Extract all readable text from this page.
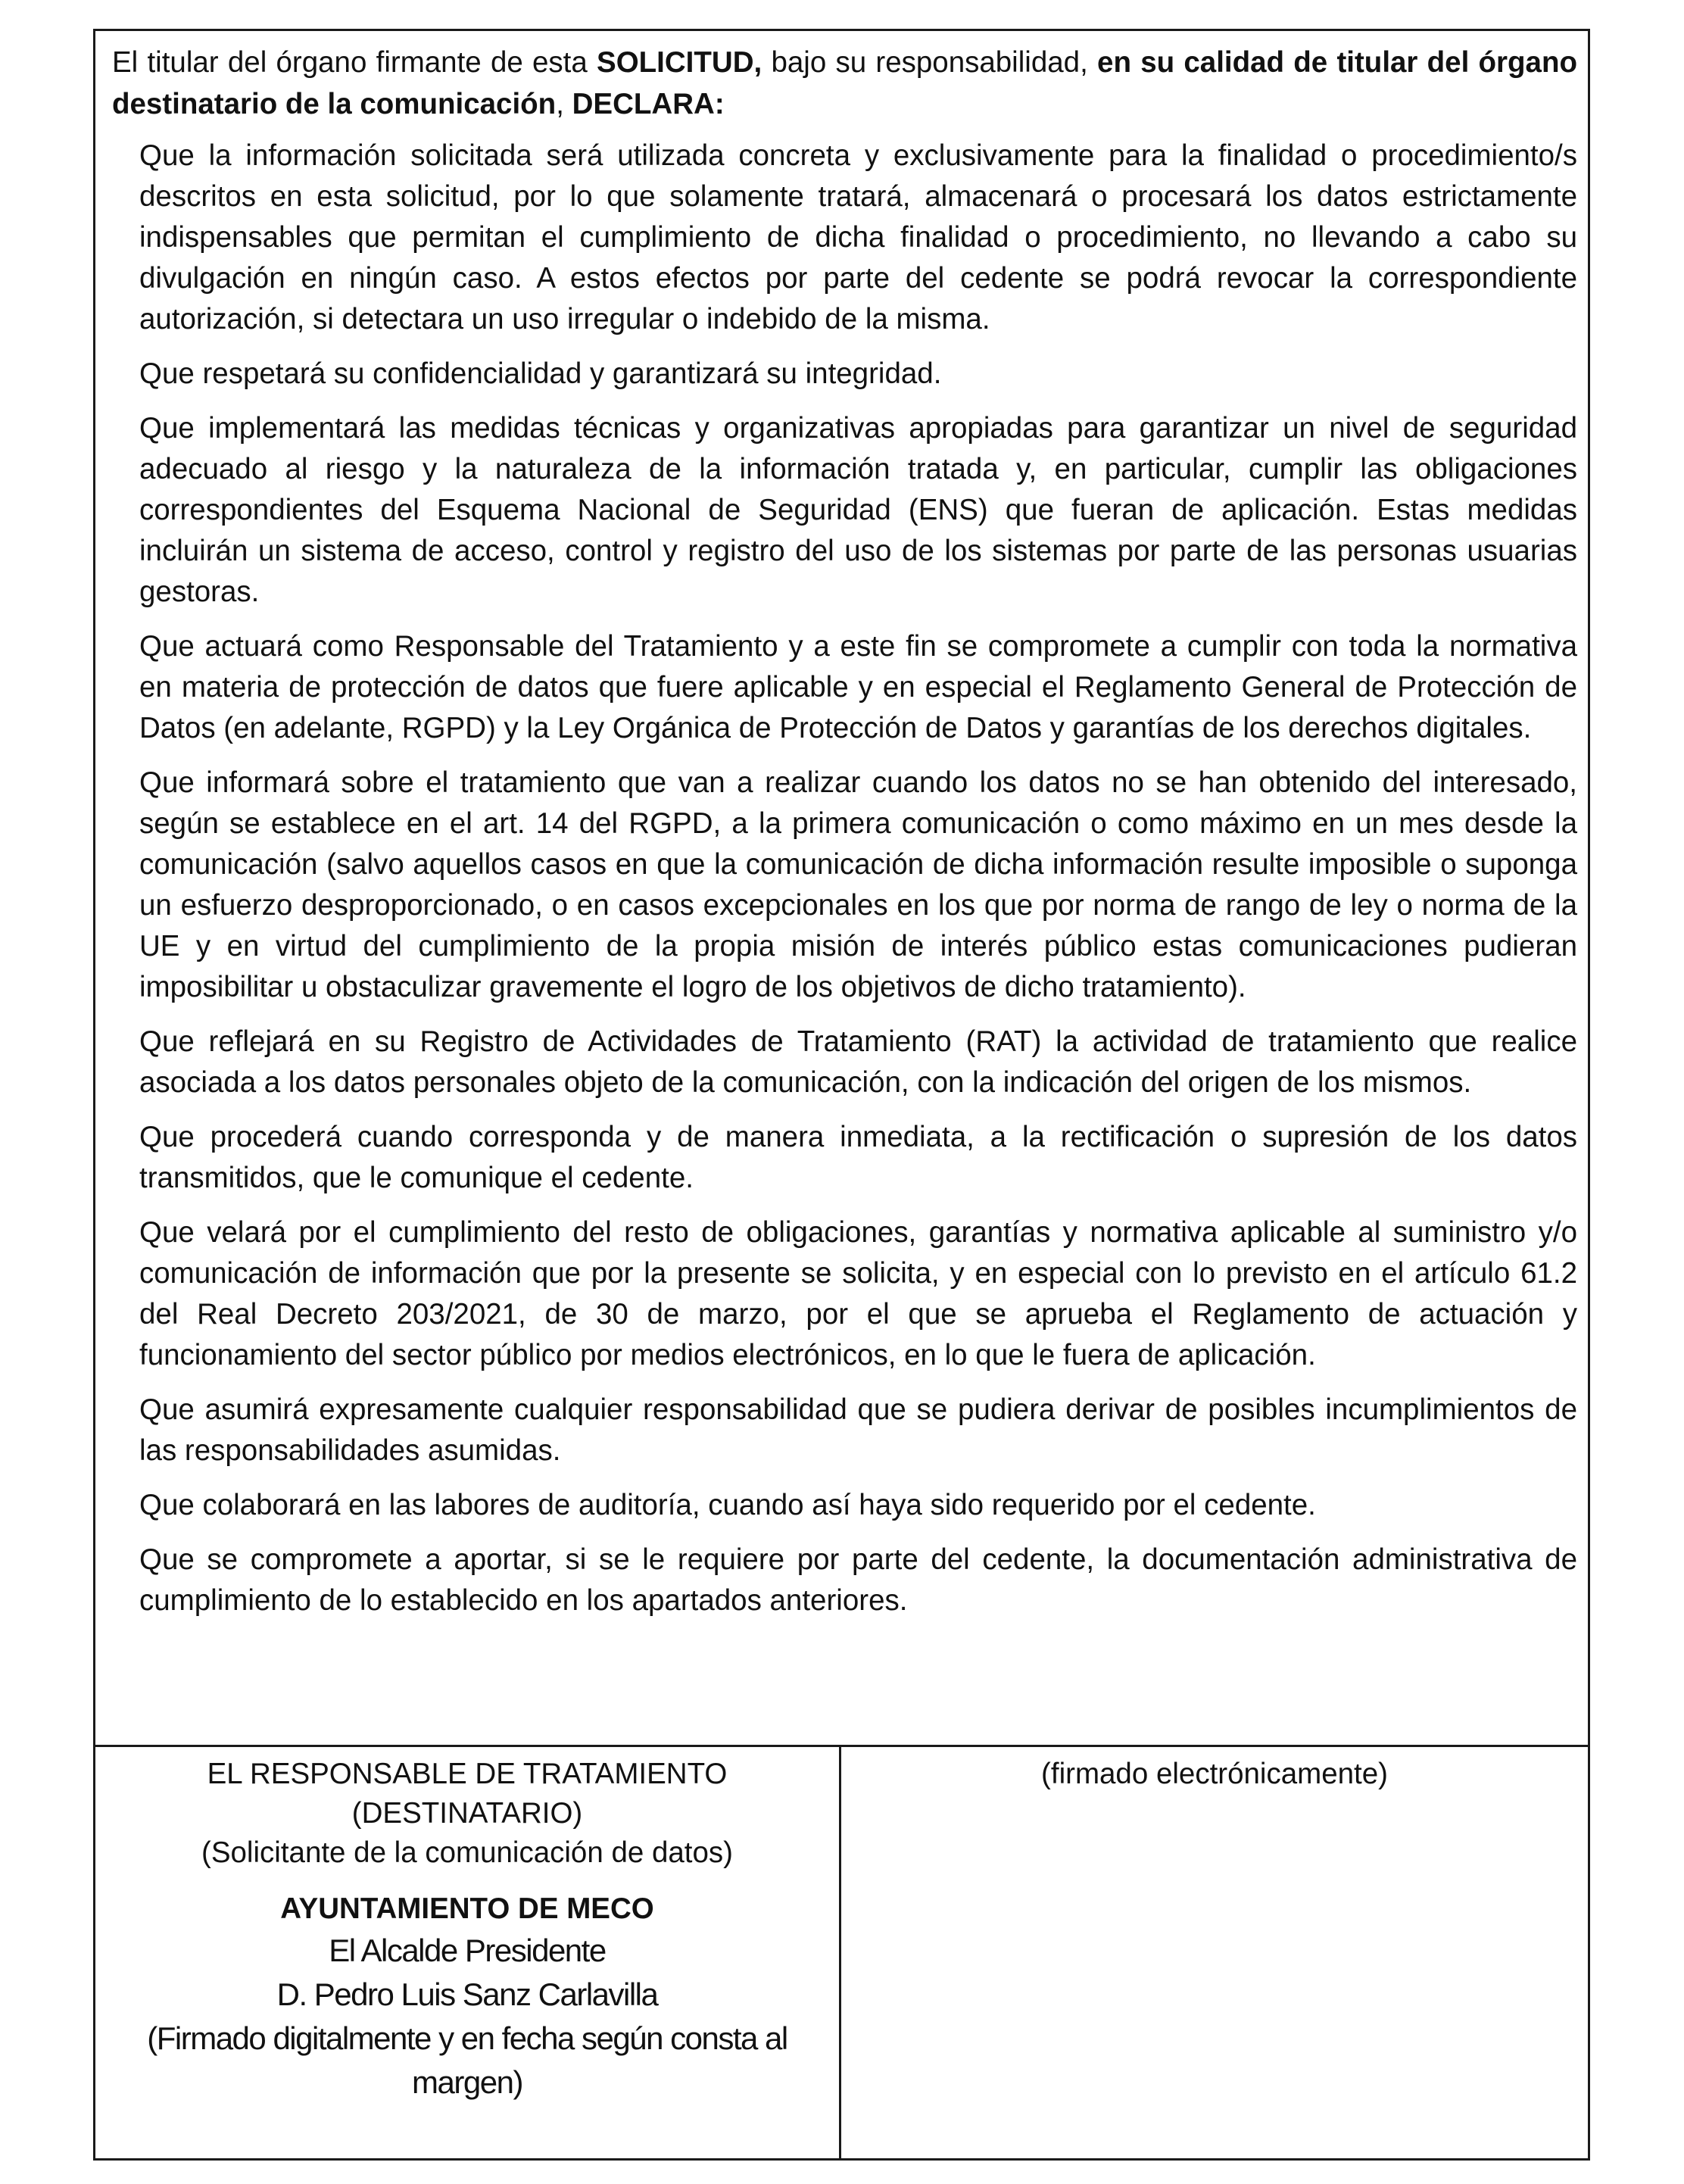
El titular del órgano firmante de esta SOLICITUD, bajo su responsabilidad, en su calidad de titular del órgano destinatario de la comunicación, DECLARA:

Que la información solicitada será utilizada concreta y exclusivamente para la finalidad o procedimiento/s descritos en esta solicitud, por lo que solamente tratará, almacenará o procesará los datos estrictamente indispensables que permitan el cumplimiento de dicha finalidad o procedimiento, no llevando a cabo su divulgación en ningún caso. A estos efectos por parte del cedente se podrá revocar la correspondiente autorización, si detectara un uso irregular o indebido de la misma.

Que respetará su confidencialidad y garantizará su integridad.

Que implementará las medidas técnicas y organizativas apropiadas para garantizar un nivel de seguridad adecuado al riesgo y la naturaleza de la información tratada y, en particular, cumplir las obligaciones correspondientes del Esquema Nacional de Seguridad (ENS) que fueran de aplicación. Estas medidas incluirán un sistema de acceso, control y registro del uso de los sistemas por parte de las personas usuarias gestoras.

Que actuará como Responsable del Tratamiento y a este fin se compromete a cumplir con toda la normativa en materia de protección de datos que fuere aplicable y en especial el Reglamento General de Protección de Datos (en adelante, RGPD) y la Ley Orgánica de Protección de Datos y garantías de los derechos digitales.

Que informará sobre el tratamiento que van a realizar cuando los datos no se han obtenido del interesado, según se establece en el art. 14 del RGPD, a la primera comunicación o como máximo en un mes desde la comunicación (salvo aquellos casos en que la comunicación de dicha información resulte imposible o suponga un esfuerzo desproporcionado, o en casos excepcionales en los que por norma de rango de ley o norma de la UE y en virtud del cumplimiento de la propia misión de interés público estas comunicaciones pudieran imposibilitar u obstaculizar gravemente el logro de los objetivos de dicho tratamiento).

Que reflejará en su Registro de Actividades de Tratamiento (RAT) la actividad de tratamiento que realice asociada a los datos personales objeto de la comunicación, con la indicación del origen de los mismos.

Que procederá cuando corresponda y de manera inmediata, a la rectificación o supresión de los datos transmitidos, que le comunique el cedente.

Que velará por el cumplimiento del resto de obligaciones, garantías y normativa aplicable al suministro y/o comunicación de información que por la presente se solicita, y en especial con lo previsto en el artículo 61.2 del Real Decreto 203/2021, de 30 de marzo, por el que se aprueba el Reglamento de actuación y funcionamiento del sector público por medios electrónicos, en lo que le fuera de aplicación.

Que asumirá expresamente cualquier responsabilidad que se pudiera derivar de posibles incumplimientos de las responsabilidades asumidas.

Que colaborará en las labores de auditoría, cuando así haya sido requerido por el cedente.

Que se compromete a aportar, si se le requiere por parte del cedente, la documentación administrativa de cumplimiento de lo establecido en los apartados anteriores.

EL RESPONSABLE DE TRATAMIENTO
(DESTINATARIO)
(Solicitante de la comunicación de datos)
AYUNTAMIENTO DE MECO
El Alcalde Presidente
D. Pedro Luis Sanz Carlavilla
(Firmado digitalmente y en fecha según consta al margen)
(firmado electrónicamente)
